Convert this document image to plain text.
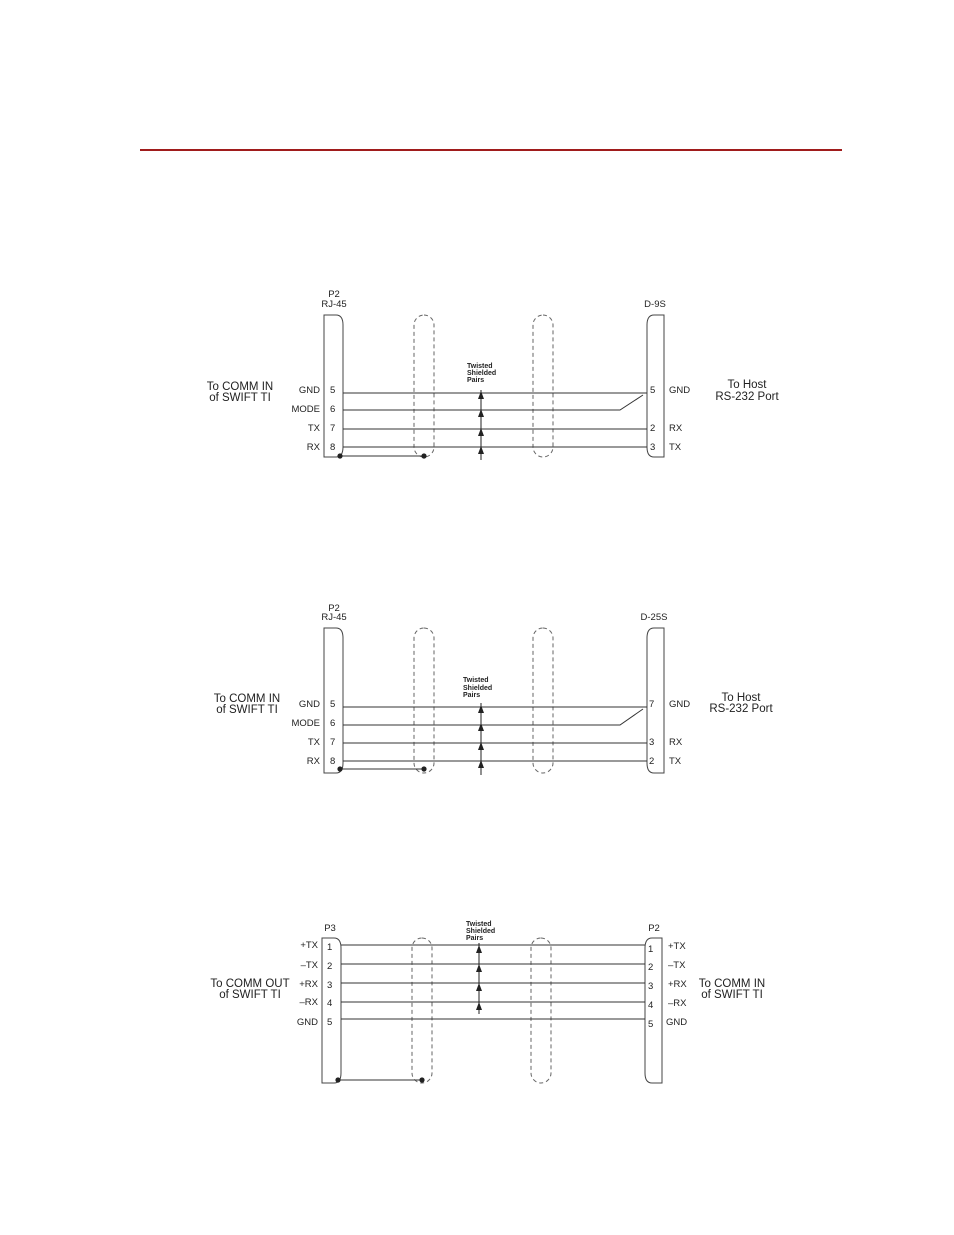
P2
RJ-45	D-9S
Twisted
Shielded
Pairs
To COMM IN
of SWIFT TI
To Host
RS-232 Port
GND 5
MODE 6
TX 7
RX 8
5 GND
2 RX
3 TX
P2
RJ-45	D-25S
Twisted
Shielded
Pairs
To COMM IN
of SWIFT TI
To Host
RS-232 Port
GND 5
MODE 6
TX 7
RX 8
7 GND
3 RX
2 TX
P3	P2
Twisted
Shielded
Pairs
To COMM OUT
of SWIFT TI
To COMM IN
of SWIFT TI
+TX 1
–TX 2
+RX 3
–RX 4
GND 5
1 +TX
2 –TX
3 +RX
4 –RX
5 GND
